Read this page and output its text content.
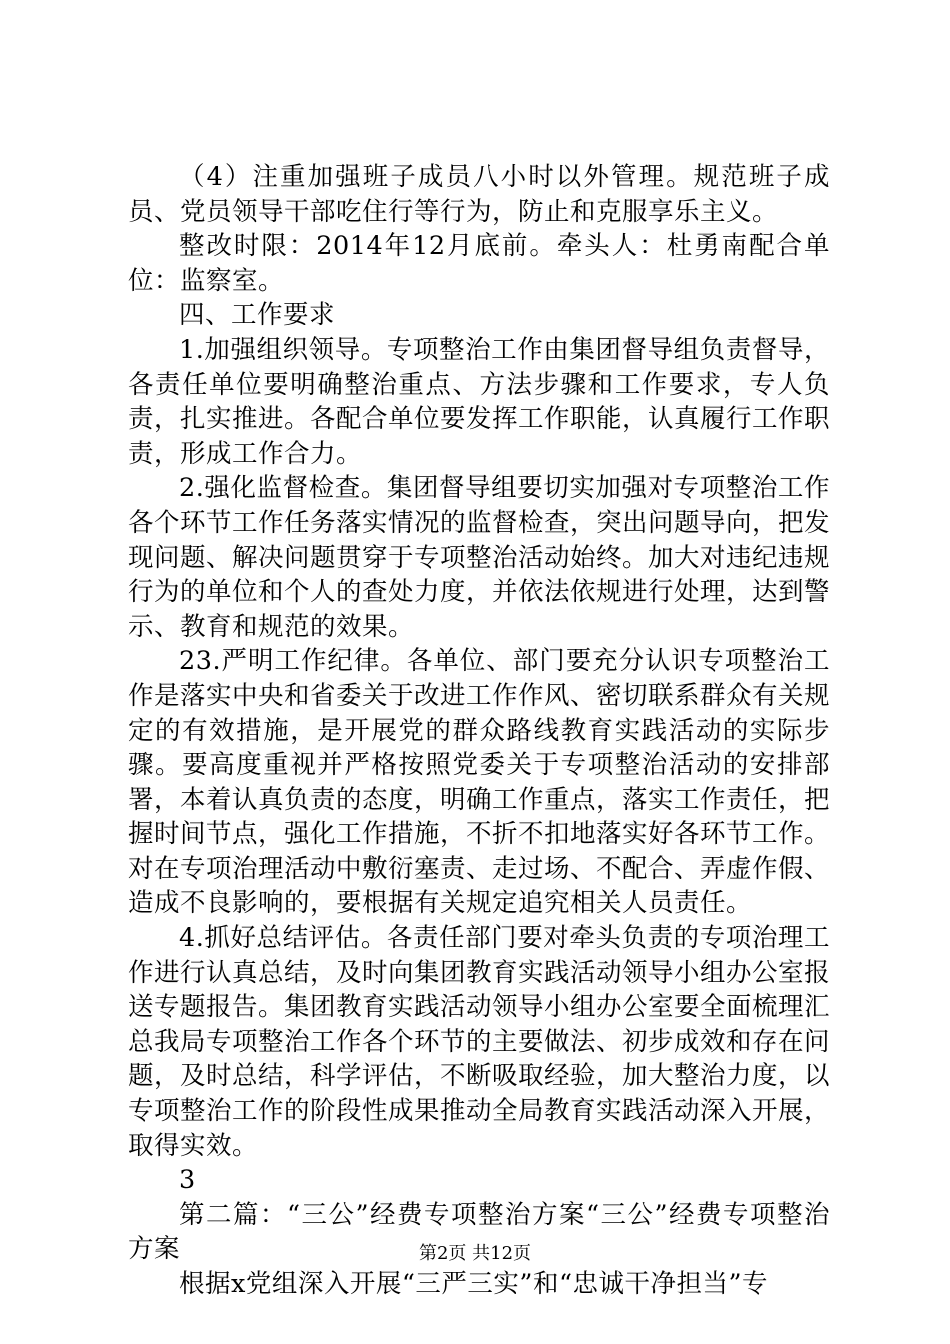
（4）注重加强班子成员八小时以外管理。规范班子成员、党员领导干部吃住行等行为，防止和克服享乐主义。

整改时限：2014年12月底前。牵头人：杜勇南配合单位：监察室。

四、工作要求

1.加强组织领导。专项整治工作由集团督导组负责督导，各责任单位要明确整治重点、方法步骤和工作要求，专人负责，扎实推进。各配合单位要发挥工作职能，认真履行工作职责，形成工作合力。

2.强化监督检查。集团督导组要切实加强对专项整治工作各个环节工作任务落实情况的监督检查，突出问题导向，把发现问题、解决问题贯穿于专项整治活动始终。加大对违纪违规行为的单位和个人的查处力度，并依法依规进行处理，达到警示、教育和规范的效果。

23.严明工作纪律。各单位、部门要充分认识专项整治工作是落实中央和省委关于改进工作作风、密切联系群众有关规定的有效措施，是开展党的群众路线教育实践活动的实际步骤。要高度重视并严格按照党委关于专项整治活动的安排部署，本着认真负责的态度，明确工作重点，落实工作责任，把握时间节点，强化工作措施，不折不扣地落实好各环节工作。对在专项治理活动中敷衍塞责、走过场、不配合、弄虚作假、造成不良影响的，要根据有关规定追究相关人员责任。

4.抓好总结评估。各责任部门要对牵头负责的专项治理工作进行认真总结，及时向集团教育实践活动领导小组办公室报送专题报告。集团教育实践活动领导小组办公室要全面梳理汇总我局专项整治工作各个环节的主要做法、初步成效和存在问题，及时总结，科学评估，不断吸取经验，加大整治力度，以专项整治工作的阶段性成果推动全局教育实践活动深入开展，取得实效。

3

第二篇：“三公”经费专项整治方案“三公”经费专项整治方案

根据x党组深入开展“三严三实”和“忠诚干净担当”专

第2页 共12页
